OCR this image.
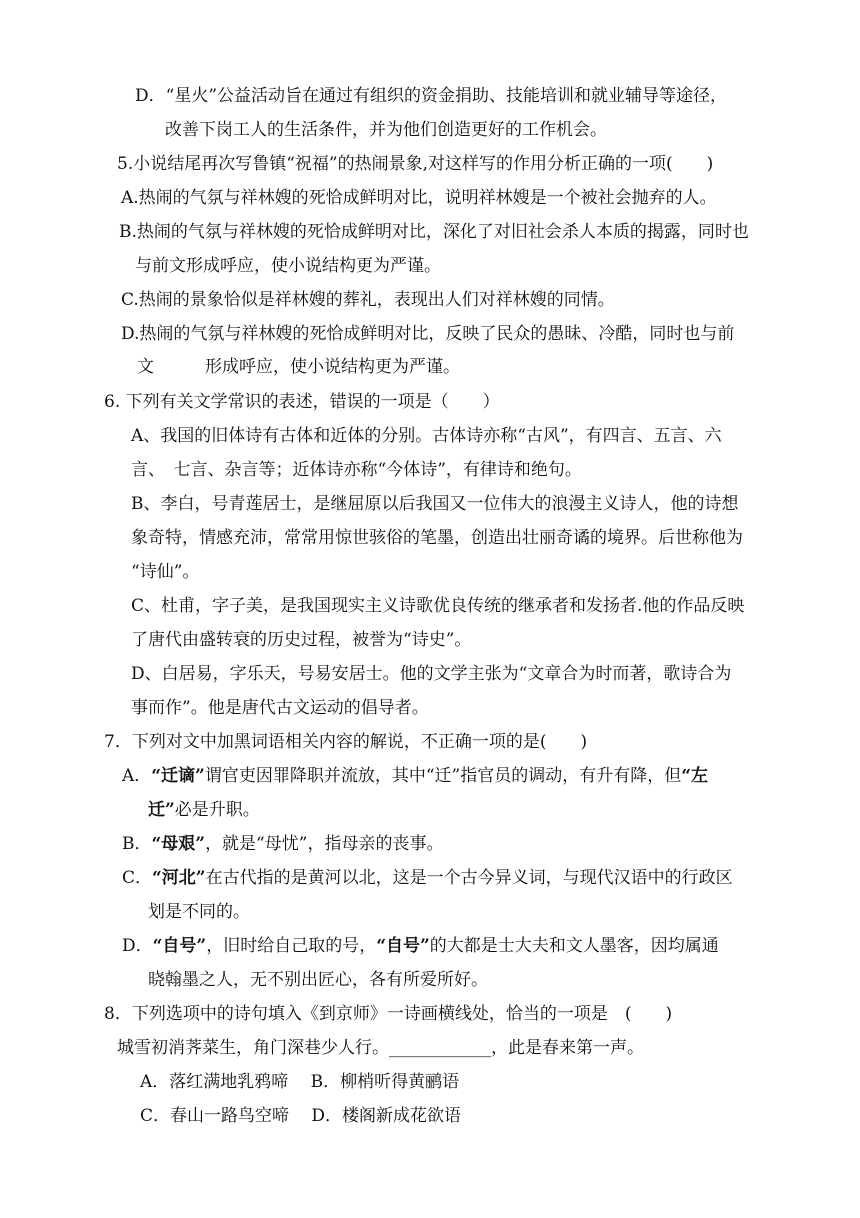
D．“星火”公益活动旨在通过有组织的资金捐助、技能培训和就业辅导等途径，
改善下岗工人的生活条件，并为他们创造更好的工作机会。
5.小说结尾再次写鲁镇“祝福”的热闹景象,对这样写的作用分析正确的一项(　　)
A.热闹的气氛与祥林嫂的死恰成鲜明对比，说明祥林嫂是一个被社会抛弃的人。
B.热闹的气氛与祥林嫂的死恰成鲜明对比，深化了对旧社会杀人本质的揭露，同时也
与前文形成呼应，使小说结构更为严谨。
C.热闹的景象恰似是祥林嫂的葬礼，表现出人们对祥林嫂的同情。
D.热闹的气氛与祥林嫂的死恰成鲜明对比，反映了民众的愚昧、冷酷，同时也与前
文　　　形成呼应，使小说结构更为严谨。
6. 下列有关文学常识的表述，错误的一项是（　　）
A、我国的旧体诗有古体和近体的分别。古体诗亦称“古风”，有四言、五言、六
言、　七言、杂言等；近体诗亦称“今体诗”，有律诗和绝句。
B、李白，号青莲居士，是继屈原以后我国又一位伟大的浪漫主义诗人，他的诗想
象奇特，情感充沛，常常用惊世骇俗的笔墨，创造出壮丽奇谲的境界。后世称他为
“诗仙”。
C、杜甫，字子美，是我国现实主义诗歌优良传统的继承者和发扬者.他的作品反映
了唐代由盛转衰的历史过程，被誉为“诗史”。
D、白居易，字乐天，号易安居士。他的文学主张为“文章合为时而著，歌诗合为
事而作”。他是唐代古文运动的倡导者。
7．下列对文中加黑词语相关内容的解说，不正确一项的是(　　)
A．“迁谪”谓官吏因罪降职并流放，其中“迁”指官员的调动，有升有降，但“左
迁”必是升职。
B．“母艰”，就是“母忧”，指母亲的丧事。
C．“河北”在古代指的是黄河以北，这是一个古今异义词，与现代汉语中的行政区
划是不同的。
D．“自号”，旧时给自己取的号，“自号”的大都是士大夫和文人墨客，因均属通
晓翰墨之人，无不别出匠心，各有所爱所好。
8．下列选项中的诗句填入《到京师》一诗画横线处，恰当的一项是　(　　)
城雪初消荠菜生，角门深巷少人行。____________，此是春来第一声。
A．落红满地乳鸦啼　 B．柳梢听得黄鹂语
C．春山一路鸟空啼　 D．楼阁新成花欲语
